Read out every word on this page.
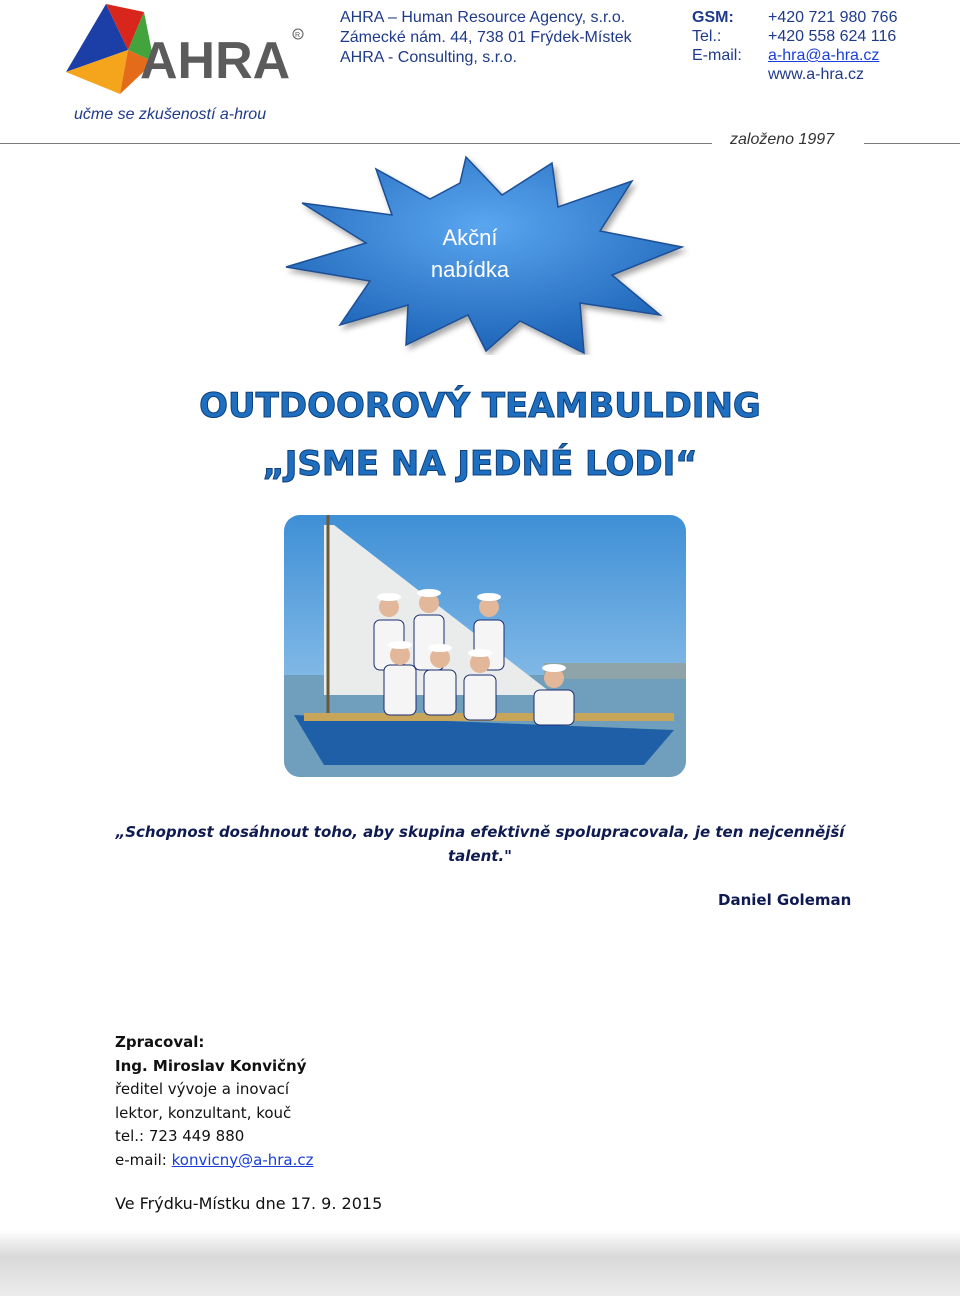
AHRA R
AHRA – Human Resource Agency, s.r.o.
Zámecké nám. 44, 738 01 Frýdek-Místek
AHRA - Consulting, s.r.o.
GSM:	+420 721 980 766
Tel.:	+420 558 624 116
E-mail:	a-hra@a-hra.cz
www.a-hra.cz
učme se zkušeností a-hrou
založeno 1997
Akční
nabídka
OUTDOOROVÝ TEAMBULDING
„JSME NA JEDNÉ LODI“
„Schopnost dosáhnout toho, aby skupina efektivně spolupracovala, je ten nejcennější talent."
Daniel Goleman
Zpracoval:
Ing. Miroslav Konvičný
ředitel vývoje a inovací
lektor, konzultant, kouč
tel.: 723 449 880
e-mail: konvicny@a-hra.cz
Ve Frýdku-Místku dne 17. 9. 2015
